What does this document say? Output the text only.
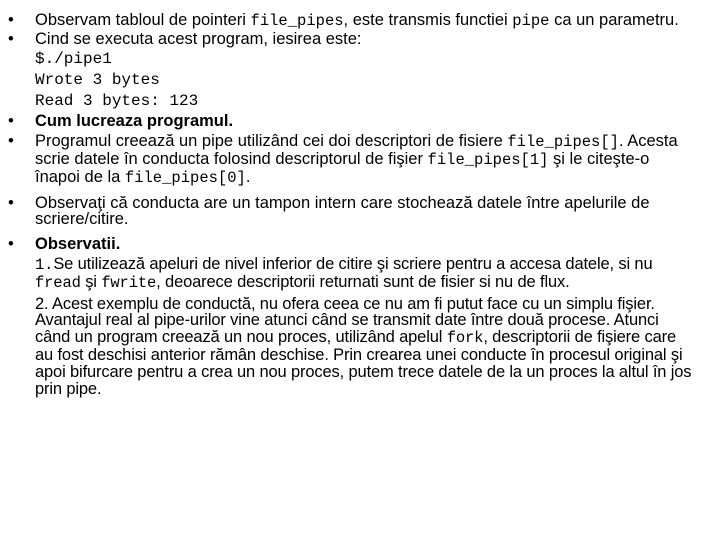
•	Observam tabloul de pointeri file_pipes, este transmis functiei pipe ca un parametru.
•	Cind se executa acest program, iesirea este:
$./pipe1
Wrote 3 bytes
Read 3 bytes: 123
•	Cum lucreaza programul.
•	Programul creează un pipe utilizând cei doi descriptori de fisiere file_pipes[]. Acesta scrie datele în conducta folosind descriptorul de fişier file_pipes[1] şi le citeşte-o înapoi de la file_pipes[0].
•	Observaţi că conducta are un tampon intern care stochează datele între apelurile de scriere/citire.
•	Observatii.
1.Se utilizează apeluri de nivel inferior de citire şi scriere pentru a accesa datele, si nu fread şi fwrite, deoarece descriptorii returnati sunt de fisier si nu de flux.
2. Acest exemplu de conductă, nu ofera ceea ce nu am fi putut face cu un simplu fişier. Avantajul real al pipe-urilor vine atunci când se transmit date între două procese. Atunci când un program creează un nou proces, utilizând apelul fork, descriptorii de fişiere care au fost deschisi anterior rămân deschise. Prin crearea unei conducte în procesul original şi apoi bifurcare pentru a crea un nou proces, putem trece datele de la un proces la altul în jos prin pipe.
